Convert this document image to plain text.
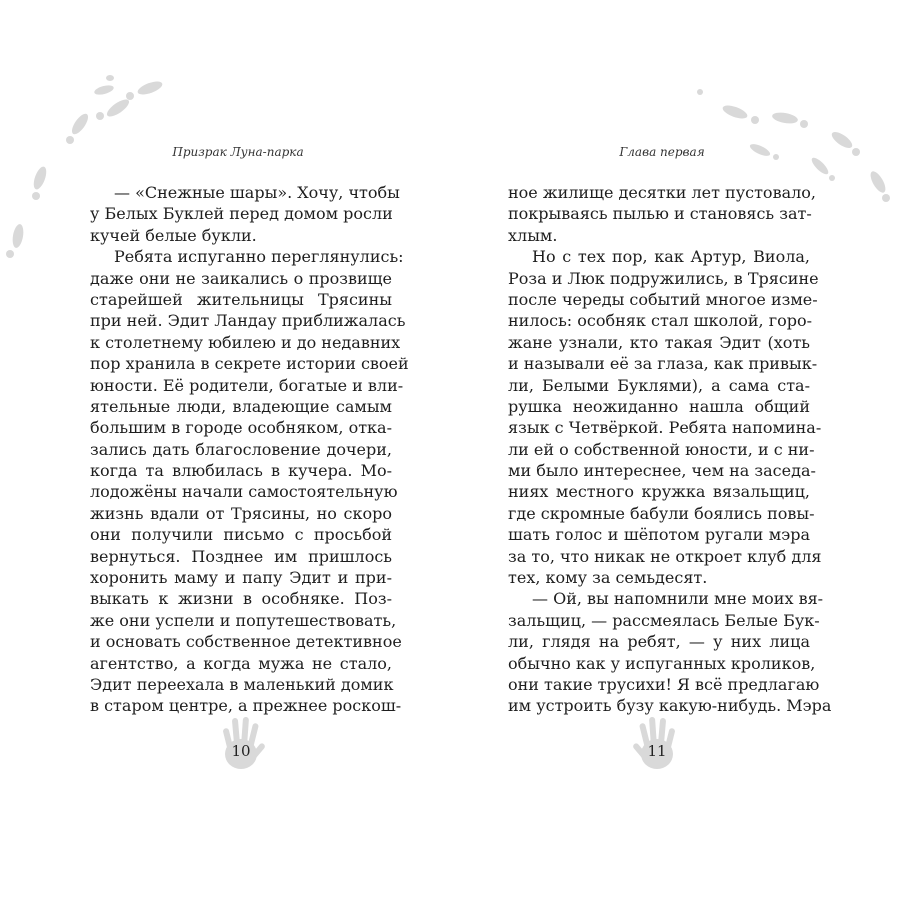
Призрак Луна-парка
— «Снежные шары». Хочу, чтобы
у Белых Буклей перед домом росли
кучей белые букли.
Ребята испуганно переглянулись:
даже они не заикались о прозвище
старейшей жительницы Трясины
при ней. Эдит Ландау приближалась
к столетнему юбилею и до недавних
пор хранила в секрете истории своей
юности. Её родители, богатые и вли-
ятельные люди, владеющие самым
большим в городе особняком, отка-
зались дать благословение дочери,
когда та влюбилась в кучера. Мо-
лодожёны начали самостоятельную
жизнь вдали от Трясины, но скоро
они получили письмо с просьбой
вернуться. Позднее им пришлось
хоронить маму и папу Эдит и при-
выкать к жизни в особняке. Поз-
же они успели и попутешествовать,
и основать собственное детективное
агентство, а когда мужа не стало,
Эдит переехала в маленький домик
в старом центре, а прежнее роскош-
10
Глава первая
ное жилище десятки лет пустовало,
покрываясь пылью и становясь зат-
хлым.
Но с тех пор, как Артур, Виола,
Роза и Люк подружились, в Трясине
после череды событий многое изме-
нилось: особняк стал школой, горо-
жане узнали, кто такая Эдит (хоть
и называли её за глаза, как привык-
ли, Белыми Буклями), а сама ста-
рушка неожиданно нашла общий
язык с Четвёркой. Ребята напомина-
ли ей о собственной юности, и с ни-
ми было интереснее, чем на заседа-
ниях местного кружка вязальщиц,
где скромные бабули боялись повы-
шать голос и шёпотом ругали мэра
за то, что никак не откроет клуб для
тех, кому за семьдесят.
— Ой, вы напомнили мне моих вя-
зальщиц, — рассмеялась Белые Бук-
ли, глядя на ребят, — у них лица
обычно как у испуганных кроликов,
они такие трусихи! Я всё предлагаю
им устроить бузу какую-нибудь. Мэра
11
